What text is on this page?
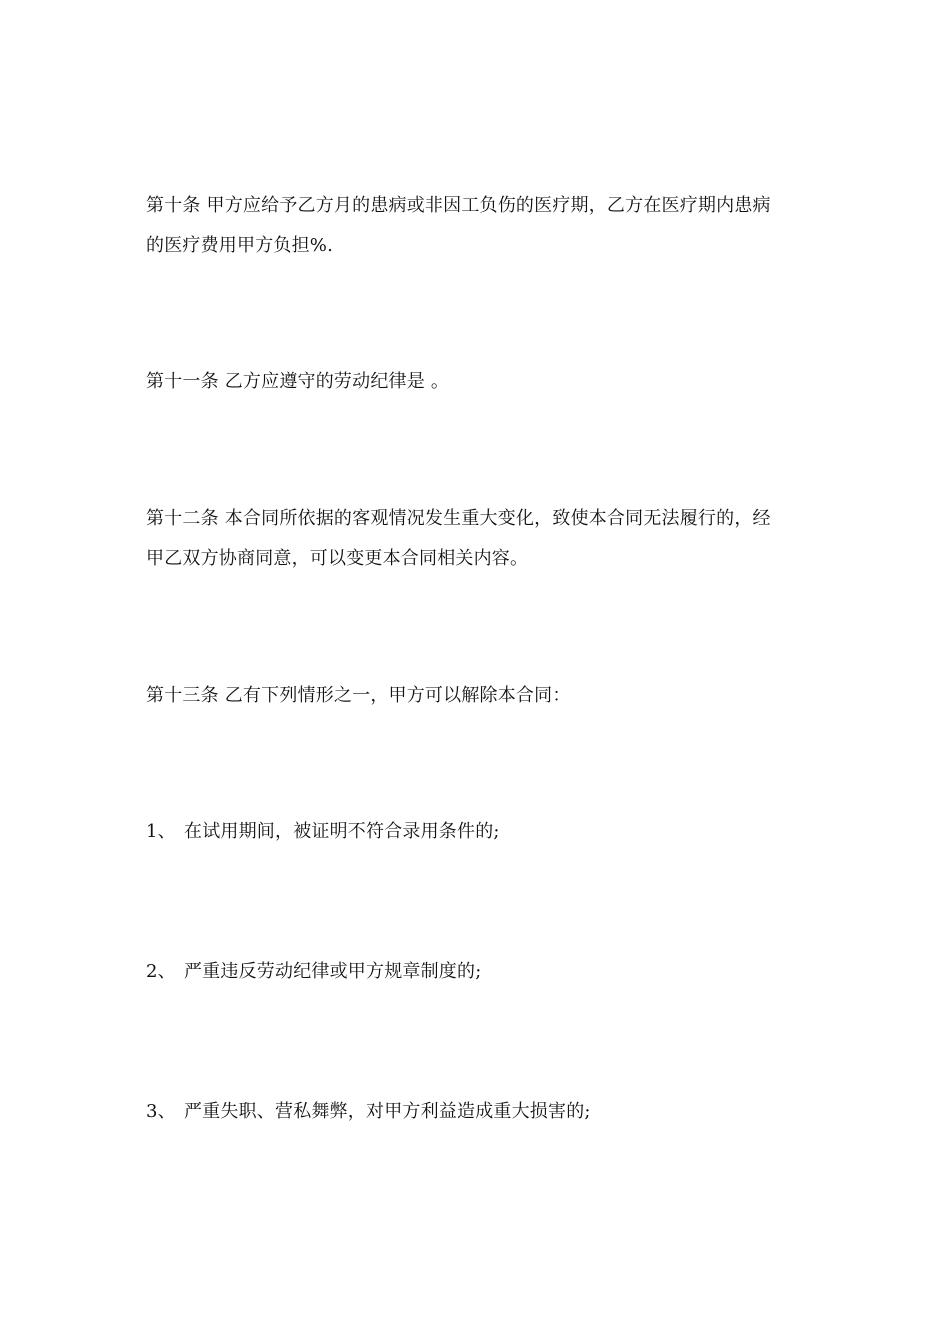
第十条 甲方应给予乙方月的患病或非因工负伤的医疗期，乙方在医疗期内患病
的医疗费用甲方负担%.
第十一条 乙方应遵守的劳动纪律是 。
第十二条 本合同所依据的客观情况发生重大变化，致使本合同无法履行的，经
甲乙双方协商同意，可以变更本合同相关内容。
第十三条 乙有下列情形之一，甲方可以解除本合同：
1、 在试用期间，被证明不符合录用条件的;
2、 严重违反劳动纪律或甲方规章制度的;
3、 严重失职、营私舞弊，对甲方利益造成重大损害的;
